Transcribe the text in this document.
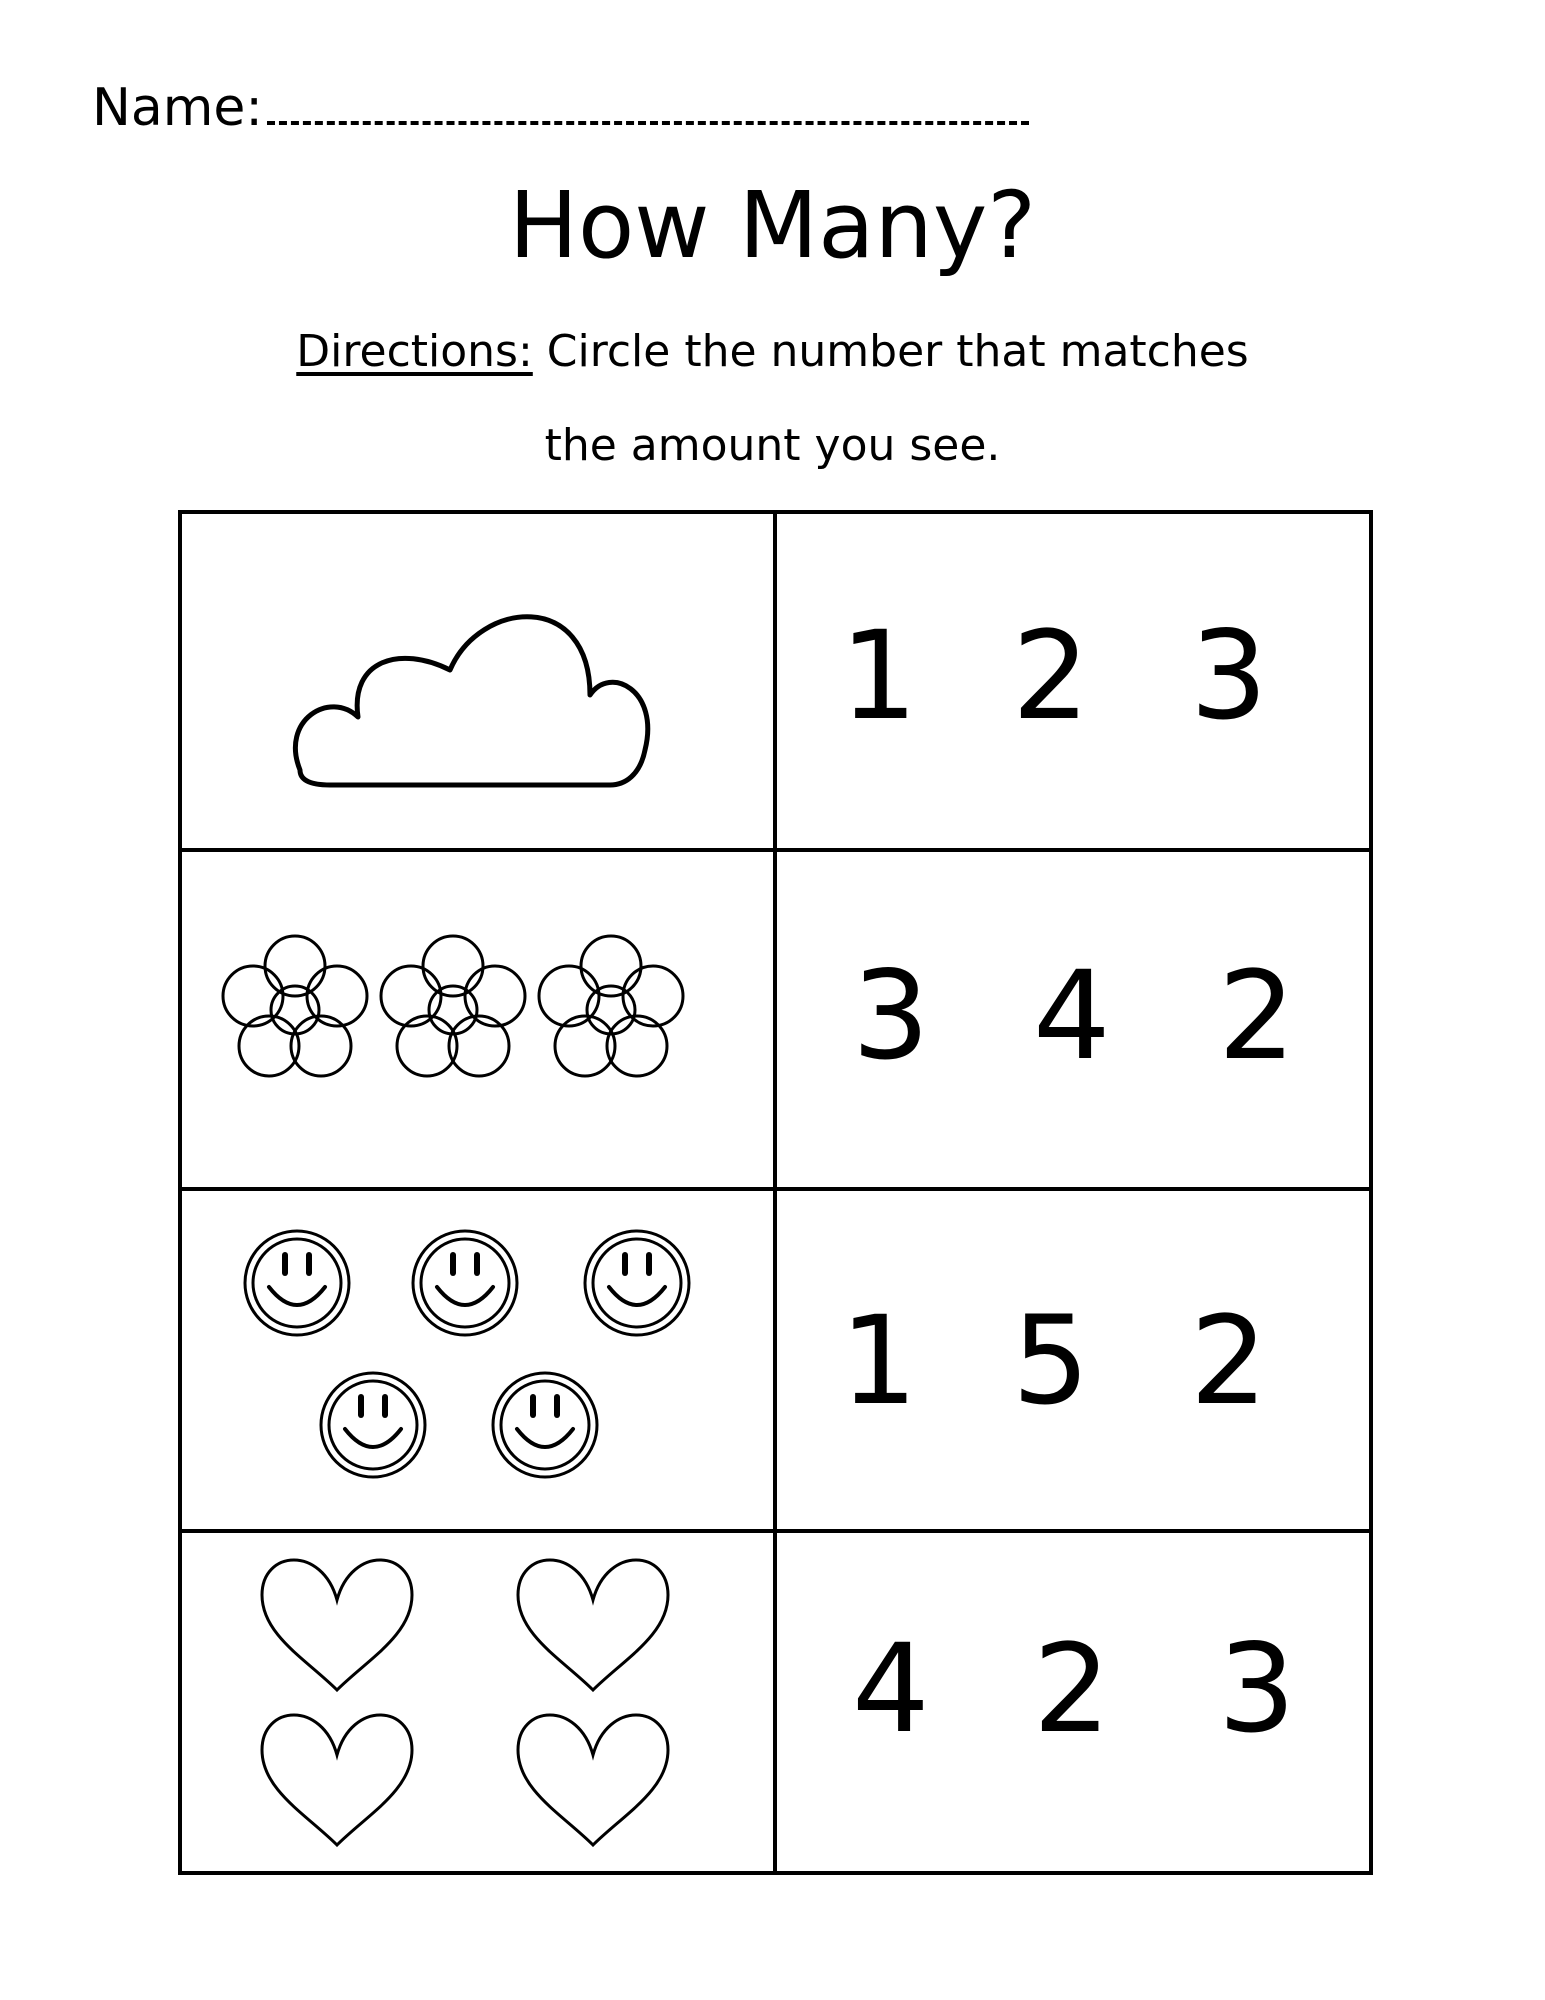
Name:
How Many?
Directions: Circle the number that matches
the amount you see.
1 2 3
3 4 2
1 5 2
4 2 3
